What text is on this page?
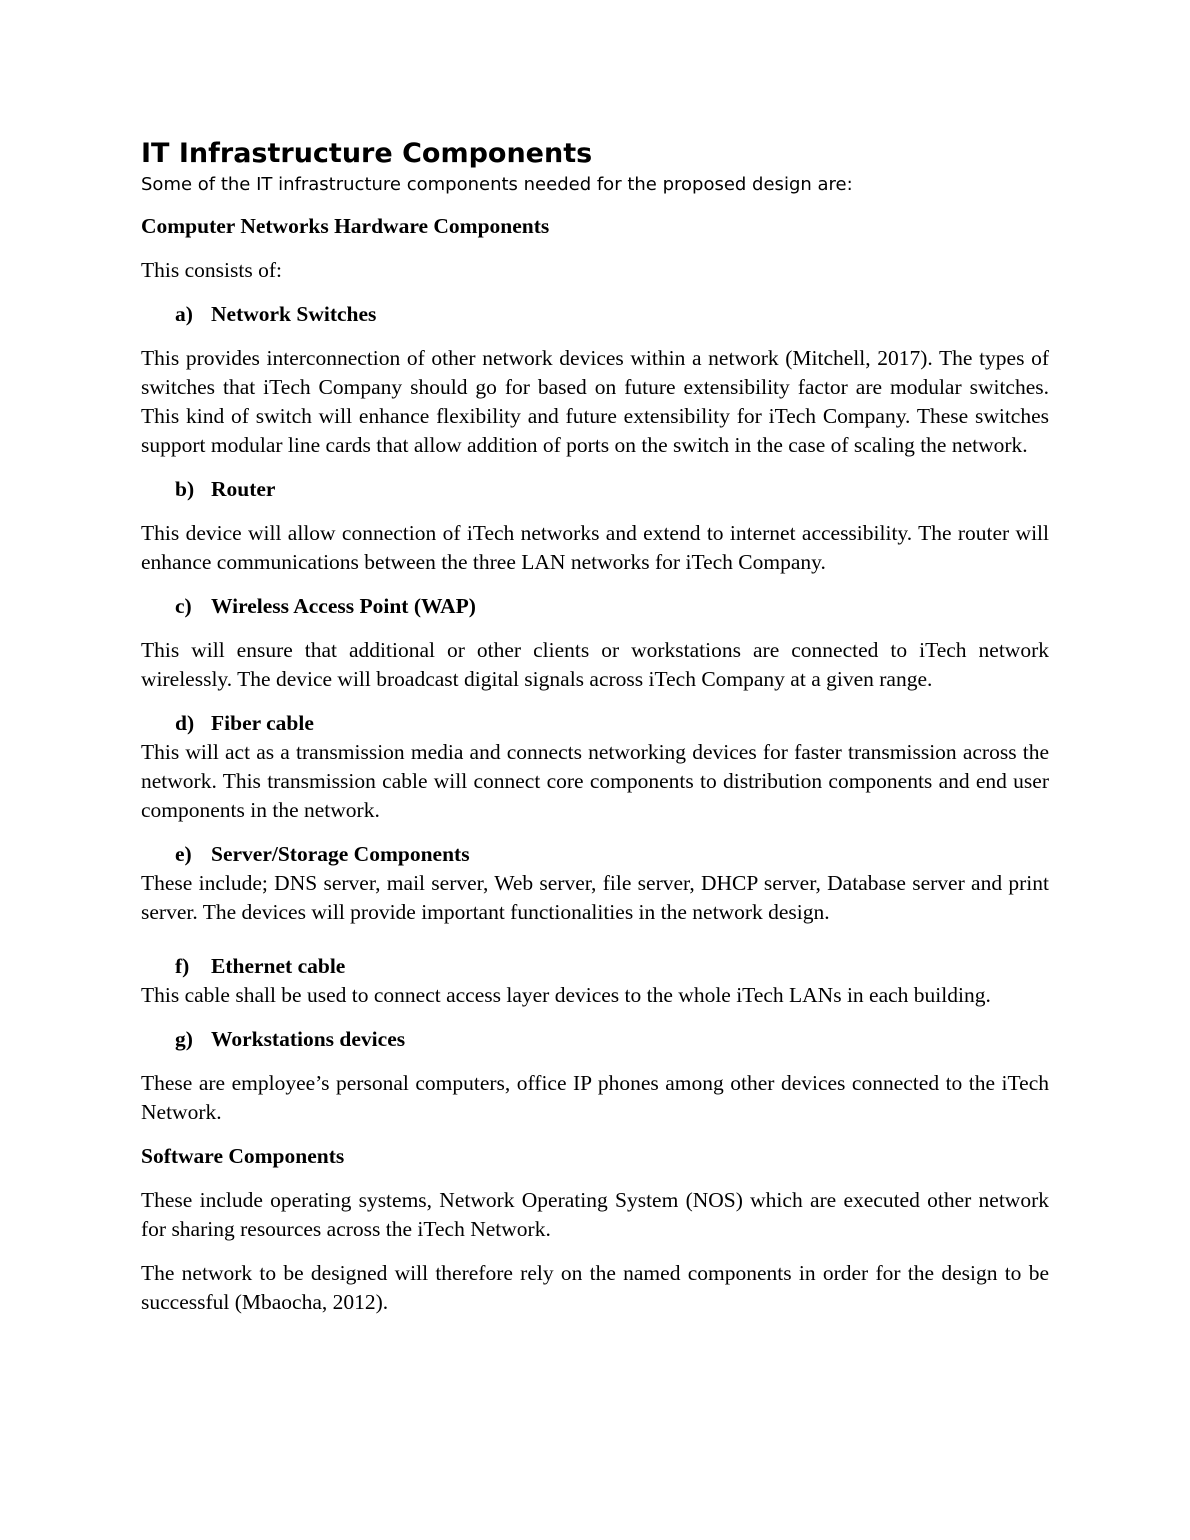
IT Infrastructure Components

Some of the IT infrastructure components needed for the proposed design are:

Computer Networks Hardware Components

This consists of:

a) Network Switches

This provides interconnection of other network devices within a network (Mitchell, 2017). The types of switches that iTech Company should go for based on future extensibility factor are modular switches. This kind of switch will enhance flexibility and future extensibility for iTech Company. These switches support modular line cards that allow addition of ports on the switch in the case of scaling the network.

b) Router

This device will allow connection of iTech networks and extend to internet accessibility. The router will enhance communications between the three LAN networks for iTech Company.

c) Wireless Access Point (WAP)

This will ensure that additional or other clients or workstations are connected to iTech network wirelessly. The device will broadcast digital signals across iTech Company at a given range.

d) Fiber cable

This will act as a transmission media and connects networking devices for faster transmission across the network. This transmission cable will connect core components to distribution components and end user components in the network.

e) Server/Storage Components

These include; DNS server, mail server, Web server, file server, DHCP server, Database server and print server. The devices will provide important functionalities in the network design.

f)	Ethernet cable

This cable shall be used to connect access layer devices to the whole iTech LANs in each building.

g) Workstations devices

These are employee’s personal computers, office IP phones among other devices connected to the iTech Network.

Software Components

These include operating systems, Network Operating System (NOS) which are executed other network for sharing resources across the iTech Network.

The network to be designed will therefore rely on the named components in order for the design to be successful (Mbaocha, 2012).
